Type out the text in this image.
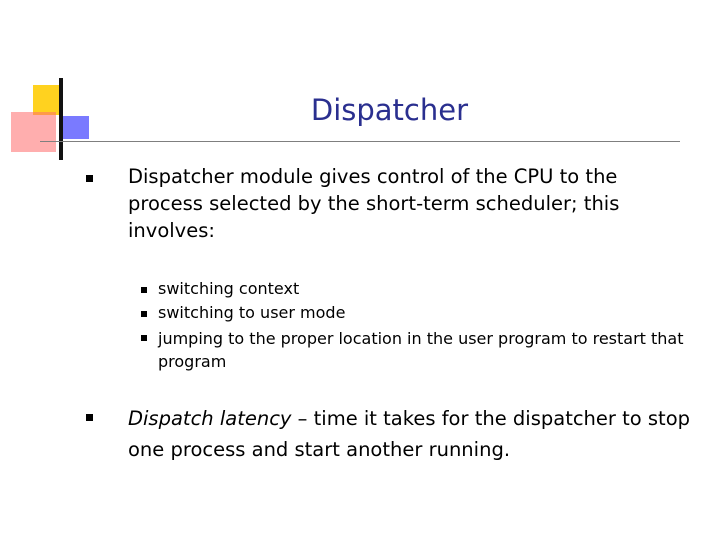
Dispatcher
Dispatcher module gives control of the CPU to the process selected by the short-term scheduler; this involves:
switching context
switching to user mode
jumping to the proper location in the user program to restart that program
Dispatch latency – time it takes for the dispatcher to stop one process and start another running.
